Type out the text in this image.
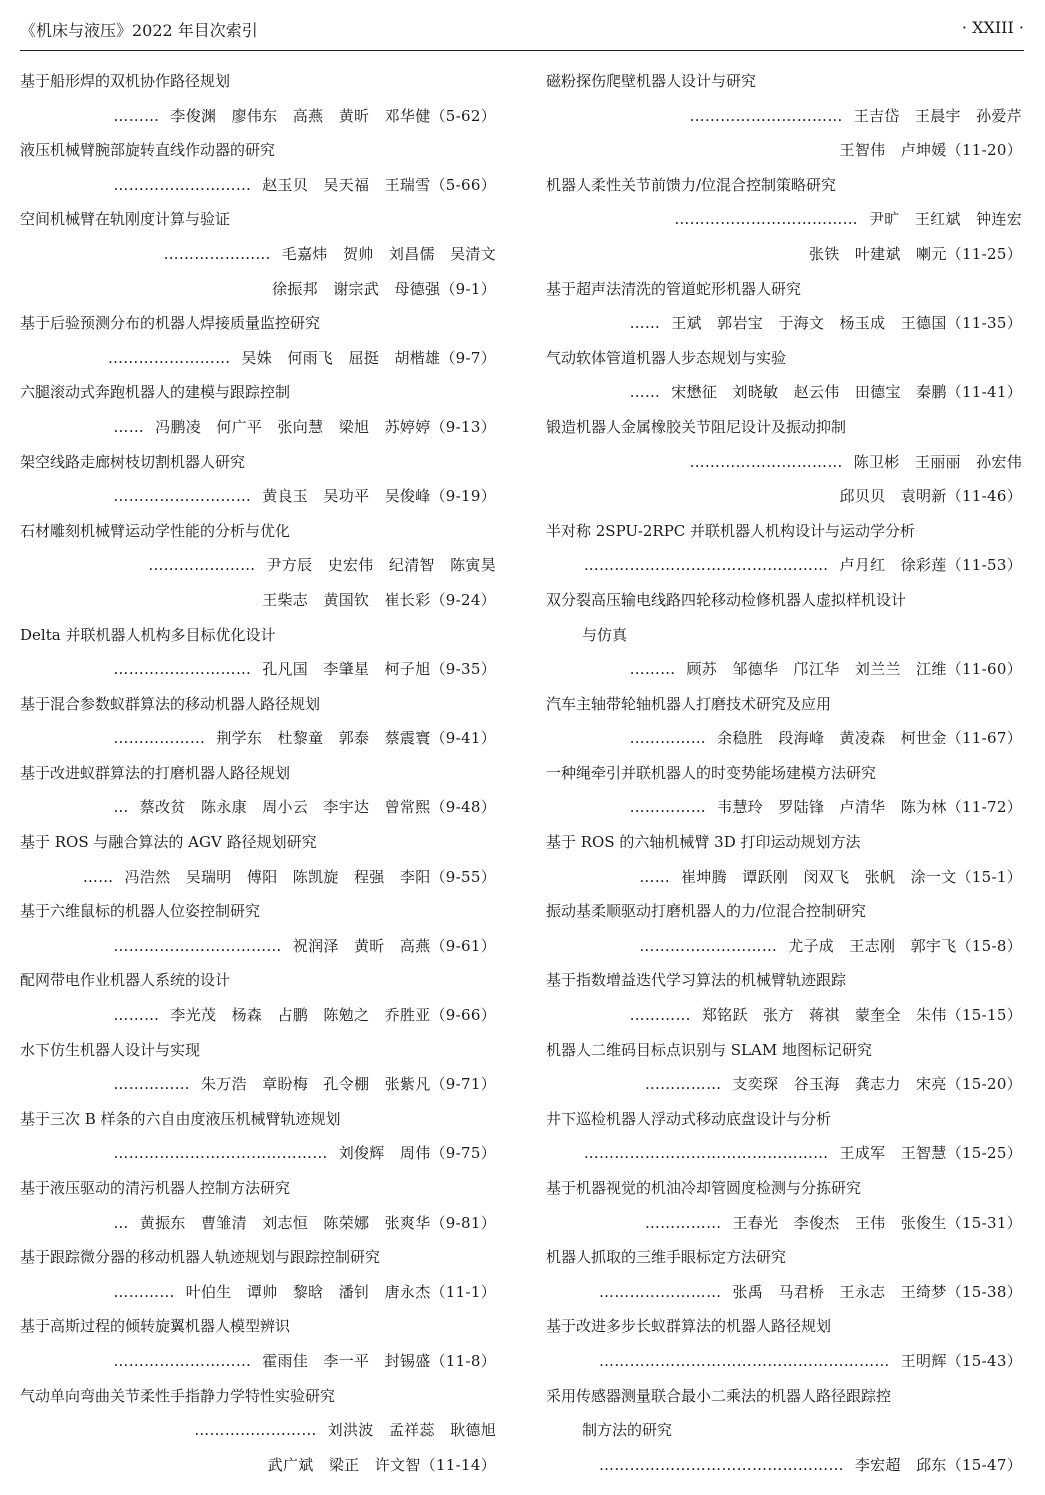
《机床与液压》2022 年目次索引	· XXIII ·
基于船形焊的双机协作路径规划
……… 李俊渊　廖伟东　高燕　黄昕　邓华健（5-62）
液压机械臂腕部旋转直线作动器的研究
……………………… 赵玉贝　吴天福　王瑞雪（5-66）
空间机械臂在轨刚度计算与验证
………………… 毛嘉炜　贺帅　刘昌儒　吴清文
徐振邦　谢宗武　母德强（9-1）
基于后验预测分布的机器人焊接质量监控研究
…………………… 吴姝　何雨飞　屈挺　胡楷雄（9-7）
六腿滚动式奔跑机器人的建模与跟踪控制
…… 冯鹏凌　何广平　张向慧　梁旭　苏婷婷（9-13）
架空线路走廊树枝切割机器人研究
……………………… 黄良玉　吴功平　吴俊峰（9-19）
石材雕刻机械臂运动学性能的分析与优化
………………… 尹方辰　史宏伟　纪清智　陈寅昊
王柴志　黄国钦　崔长彩（9-24）
Delta 并联机器人机构多目标优化设计
……………………… 孔凡国　李肇星　柯子旭（9-35）
基于混合参数蚁群算法的移动机器人路径规划
……………… 荆学东　杜黎童　郭泰　蔡震寰（9-41）
基于改进蚁群算法的打磨机器人路径规划
… 蔡改贫　陈永康　周小云　李宇达　曾常熙（9-48）
基于 ROS 与融合算法的 AGV 路径规划研究
…… 冯浩然　吴瑞明　傅阳　陈凯旋　程强　李阳（9-55）
基于六维鼠标的机器人位姿控制研究
…………………………… 祝润泽　黄昕　高燕（9-61）
配网带电作业机器人系统的设计
……… 李光茂　杨森　占鹏　陈勉之　乔胜亚（9-66）
水下仿生机器人设计与实现
…………… 朱万浩　章盼梅　孔令棚　张紫凡（9-71）
基于三次 B 样条的六自由度液压机械臂轨迹规划
…………………………………… 刘俊辉　周伟（9-75）
基于液压驱动的清污机器人控制方法研究
… 黄振东　曹雏清　刘志恒　陈荣娜　张爽华（9-81）
基于跟踪微分器的移动机器人轨迹规划与跟踪控制研究
………… 叶伯生　谭帅　黎晗　潘钊　唐永杰（11-1）
基于高斯过程的倾转旋翼机器人模型辨识
……………………… 霍雨佳　李一平　封锡盛（11-8）
气动单向弯曲关节柔性手指静力学特性实验研究
…………………… 刘洪波　孟祥蕊　耿德旭
武广斌　梁正　许文智（11-14）
磁粉探伤爬壁机器人设计与研究
………………………… 王吉岱　王晨宇　孙爱芹
王智伟　卢坤媛（11-20）
机器人柔性关节前馈力/位混合控制策略研究
……………………………… 尹旷　王红斌　钟连宏
张铁　叶建斌　喇元（11-25）
基于超声法清洗的管道蛇形机器人研究
…… 王斌　郭岩宝　于海文　杨玉成　王德国（11-35）
气动软体管道机器人步态规划与实验
…… 宋懋征　刘晓敏　赵云伟　田德宝　秦鹏（11-41）
锻造机器人金属橡胶关节阻尼设计及振动抑制
………………………… 陈卫彬　王丽丽　孙宏伟
邱贝贝　袁明新（11-46）
半对称 2SPU-2RPC 并联机器人机构设计与运动学分析
………………………………………… 卢月红　徐彩莲（11-53）
双分裂高压输电线路四轮移动检修机器人虚拟样机设计
与仿真
……… 顾苏　邹德华　邝江华　刘兰兰　江维（11-60）
汽车主轴带轮轴机器人打磨技术研究及应用
…………… 余稳胜　段海峰　黄凌森　柯世金（11-67）
一种绳牵引并联机器人的时变势能场建模方法研究
…………… 韦慧玲　罗陆锋　卢清华　陈为林（11-72）
基于 ROS 的六轴机械臂 3D 打印运动规划方法
…… 崔坤腾　谭跃刚　闵双飞　张帆　涂一文（15-1）
振动基柔顺驱动打磨机器人的力/位混合控制研究
……………………… 尤子成　王志刚　郭宇飞（15-8）
基于指数增益迭代学习算法的机械臂轨迹跟踪
………… 郑铭跃　张方　蒋祺　蒙奎全　朱伟（15-15）
机器人二维码目标点识别与 SLAM 地图标记研究
…………… 支奕琛　谷玉海　龚志力　宋亮（15-20）
井下巡检机器人浮动式移动底盘设计与分析
………………………………………… 王成军　王智慧（15-25）
基于机器视觉的机油冷却管圆度检测与分拣研究
…………… 王春光　李俊杰　王伟　张俊生（15-31）
机器人抓取的三维手眼标定方法研究
…………………… 张禹　马君桥　王永志　王绮梦（15-38）
基于改进多步长蚁群算法的机器人路径规划
………………………………………………… 王明辉（15-43）
采用传感器测量联合最小二乘法的机器人路径跟踪控
制方法的研究
………………………………………… 李宏超　邱东（15-47）
